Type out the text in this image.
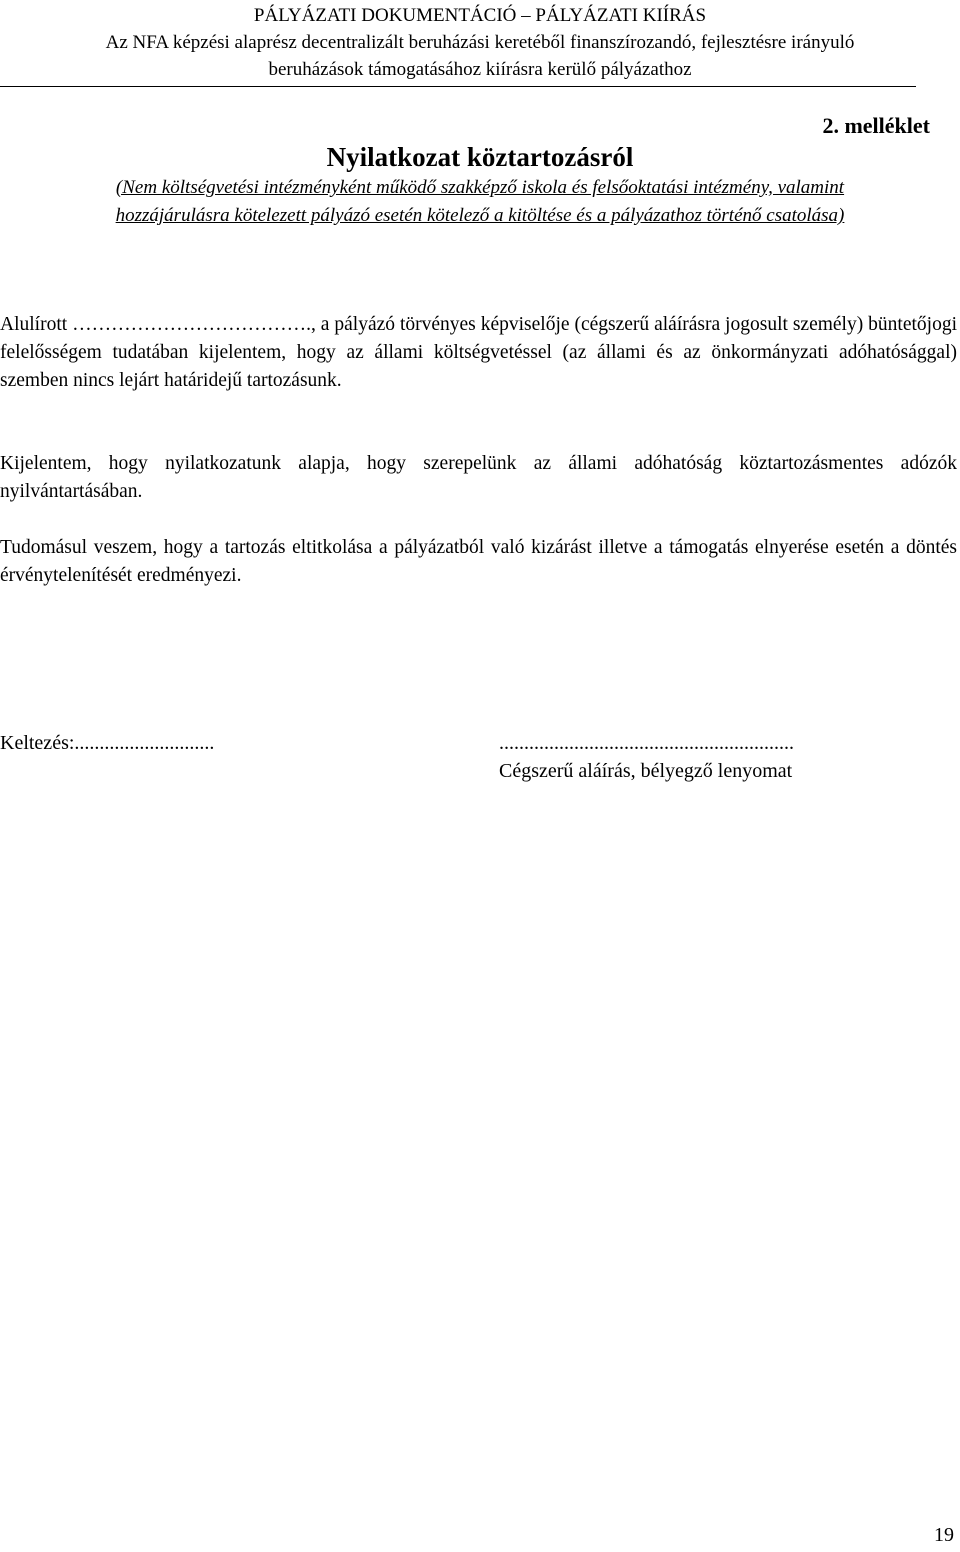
PÁLYÁZATI DOKUMENTÁCIÓ – PÁLYÁZATI KIÍRÁS
Az NFA képzési alaprész decentralizált beruházási keretéből finanszírozandó, fejlesztésre irányuló
beruházások támogatásához kiírásra kerülő pályázathoz
2. melléklet
Nyilatkozat köztartozásról
(Nem költségvetési intézményként működő szakképző iskola és felsőoktatási intézmény, valamint
hozzájárulásra kötelezett pályázó esetén kötelező a kitöltése és a pályázathoz történő csatolása)
Alulírott ………………………………., a pályázó törvényes képviselője (cégszerű aláírásra jogosult személy) büntetőjogi felelősségem tudatában kijelentem, hogy az állami költségvetéssel (az állami és az önkormányzati adóhatósággal) szemben nincs lejárt határidejű tartozásunk.
Kijelentem, hogy nyilatkozatunk alapja, hogy szerepelünk az állami adóhatóság köztartozásmentes adózók nyilvántartásában.
Tudomásul veszem, hogy a tartozás eltitkolása a pályázatból való kizárást illetve a támogatás elnyerése esetén a döntés érvénytelenítését eredményezi.
Keltezés:............................	...........................................................
Cégszerű aláírás, bélyegző lenyomat
19
